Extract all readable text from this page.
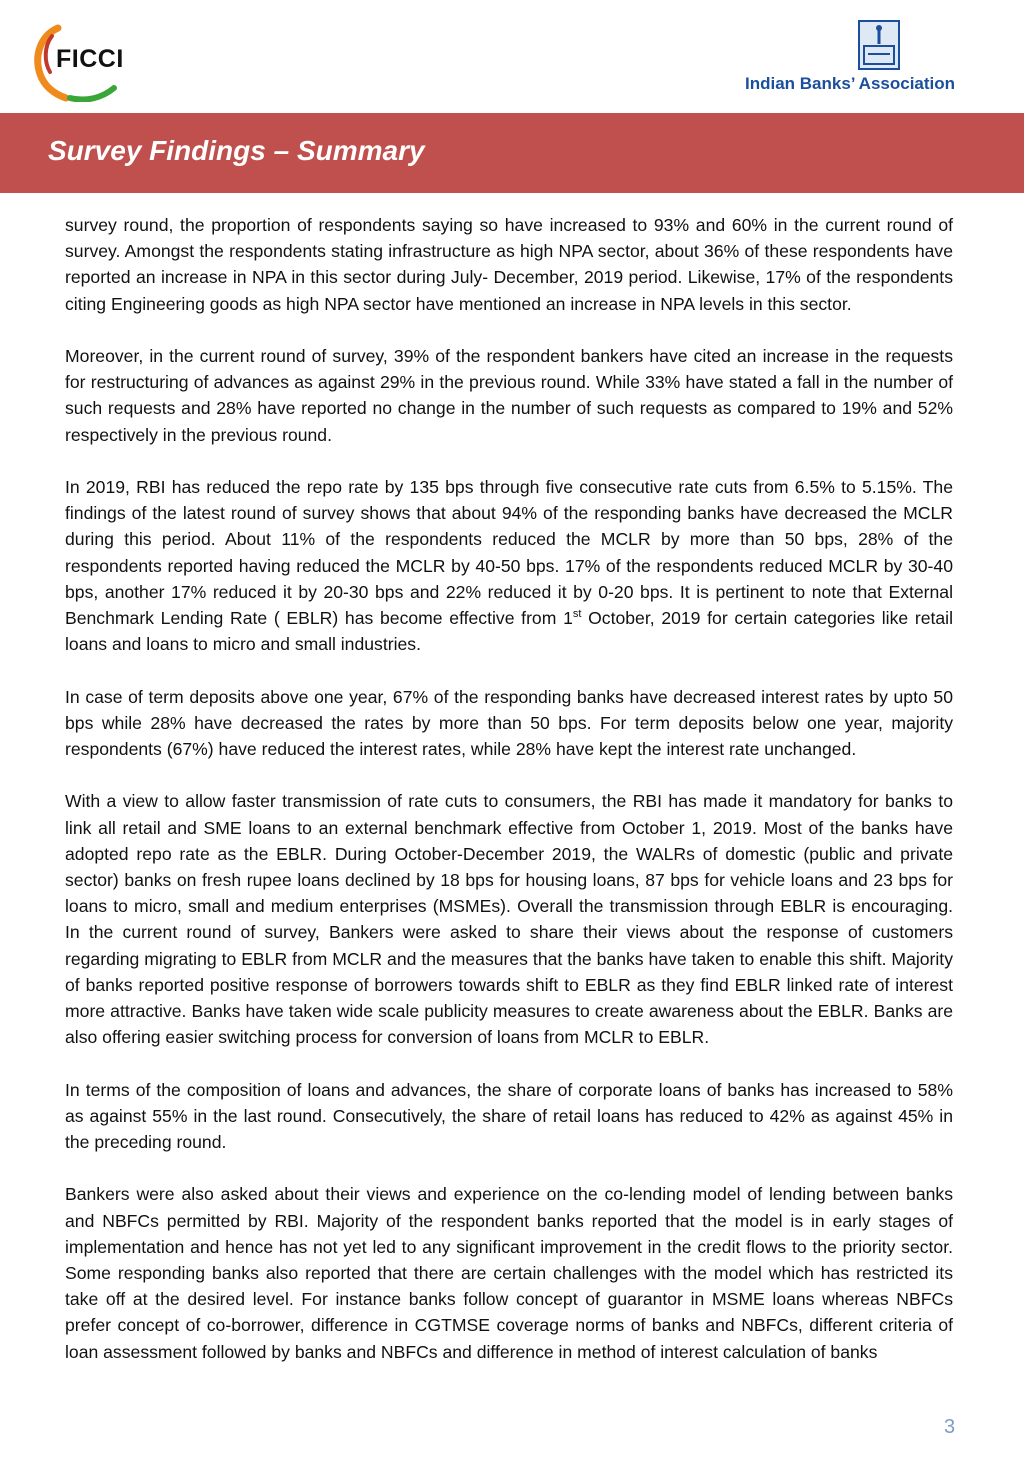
FICCI
Indian Banks’ Association
Survey Findings – Summary

survey round, the proportion of respondents saying so have increased to 93% and 60% in the current round of survey. Amongst the respondents stating infrastructure as high NPA sector, about 36% of these respondents have reported an increase in NPA in this sector during July- December, 2019 period. Likewise, 17% of the respondents citing Engineering goods as high NPA sector have mentioned an increase in NPA levels in this sector.

Moreover, in the current round of survey, 39% of the respondent bankers have cited an increase in the requests for restructuring of advances as against 29% in the previous round. While 33% have stated a fall in the number of such requests and 28% have reported no change in the number of such requests as compared to 19% and 52% respectively in the previous round.

In 2019, RBI has reduced the repo rate by 135 bps through five consecutive rate cuts from 6.5% to 5.15%. The findings of the latest round of survey shows that about 94% of the responding banks have decreased the MCLR during this period. About 11% of the respondents reduced the MCLR by more than 50 bps, 28% of the respondents reported having reduced the MCLR by 40-50 bps. 17% of the respondents reduced MCLR by 30-40 bps, another 17% reduced it by 20-30 bps and 22% reduced it by 0-20 bps. It is pertinent to note that External Benchmark Lending Rate ( EBLR) has become effective from 1st October, 2019 for certain categories like retail loans and loans to micro and small industries.

In case of term deposits above one year, 67% of the responding banks have decreased interest rates by upto 50 bps while 28% have decreased the rates by more than 50 bps. For term deposits below one year, majority respondents (67%) have reduced the interest rates, while 28% have kept the interest rate unchanged.

With a view to allow faster transmission of rate cuts to consumers, the RBI has made it mandatory for banks to link all retail and SME loans to an external benchmark effective from October 1, 2019. Most of the banks have adopted repo rate as the EBLR. During October-December 2019, the WALRs of domestic (public and private sector) banks on fresh rupee loans declined by 18 bps for housing loans, 87 bps for vehicle loans and 23 bps for loans to micro, small and medium enterprises (MSMEs). Overall the transmission through EBLR is encouraging. In the current round of survey, Bankers were asked to share their views about the response of customers regarding migrating to EBLR from MCLR and the measures that the banks have taken to enable this shift. Majority of banks reported positive response of borrowers towards shift to EBLR as they find EBLR linked rate of interest more attractive. Banks have taken wide scale publicity measures to create awareness about the EBLR. Banks are also offering easier switching process for conversion of loans from MCLR to EBLR.

In terms of the composition of loans and advances, the share of corporate loans of banks has increased to 58% as against 55% in the last round. Consecutively, the share of retail loans has reduced to 42% as against 45% in the preceding round.

Bankers were also asked about their views and experience on the co-lending model of lending between banks and NBFCs permitted by RBI. Majority of the respondent banks reported that the model is in early stages of implementation and hence has not yet led to any significant improvement in the credit flows to the priority sector. Some responding banks also reported that there are certain challenges with the model which has restricted its take off at the desired level. For instance banks follow concept of guarantor in MSME loans whereas NBFCs prefer concept of co-borrower, difference in CGTMSE coverage norms of banks and NBFCs, different criteria of loan assessment followed by banks and NBFCs and difference in method of interest calculation of banks

3
